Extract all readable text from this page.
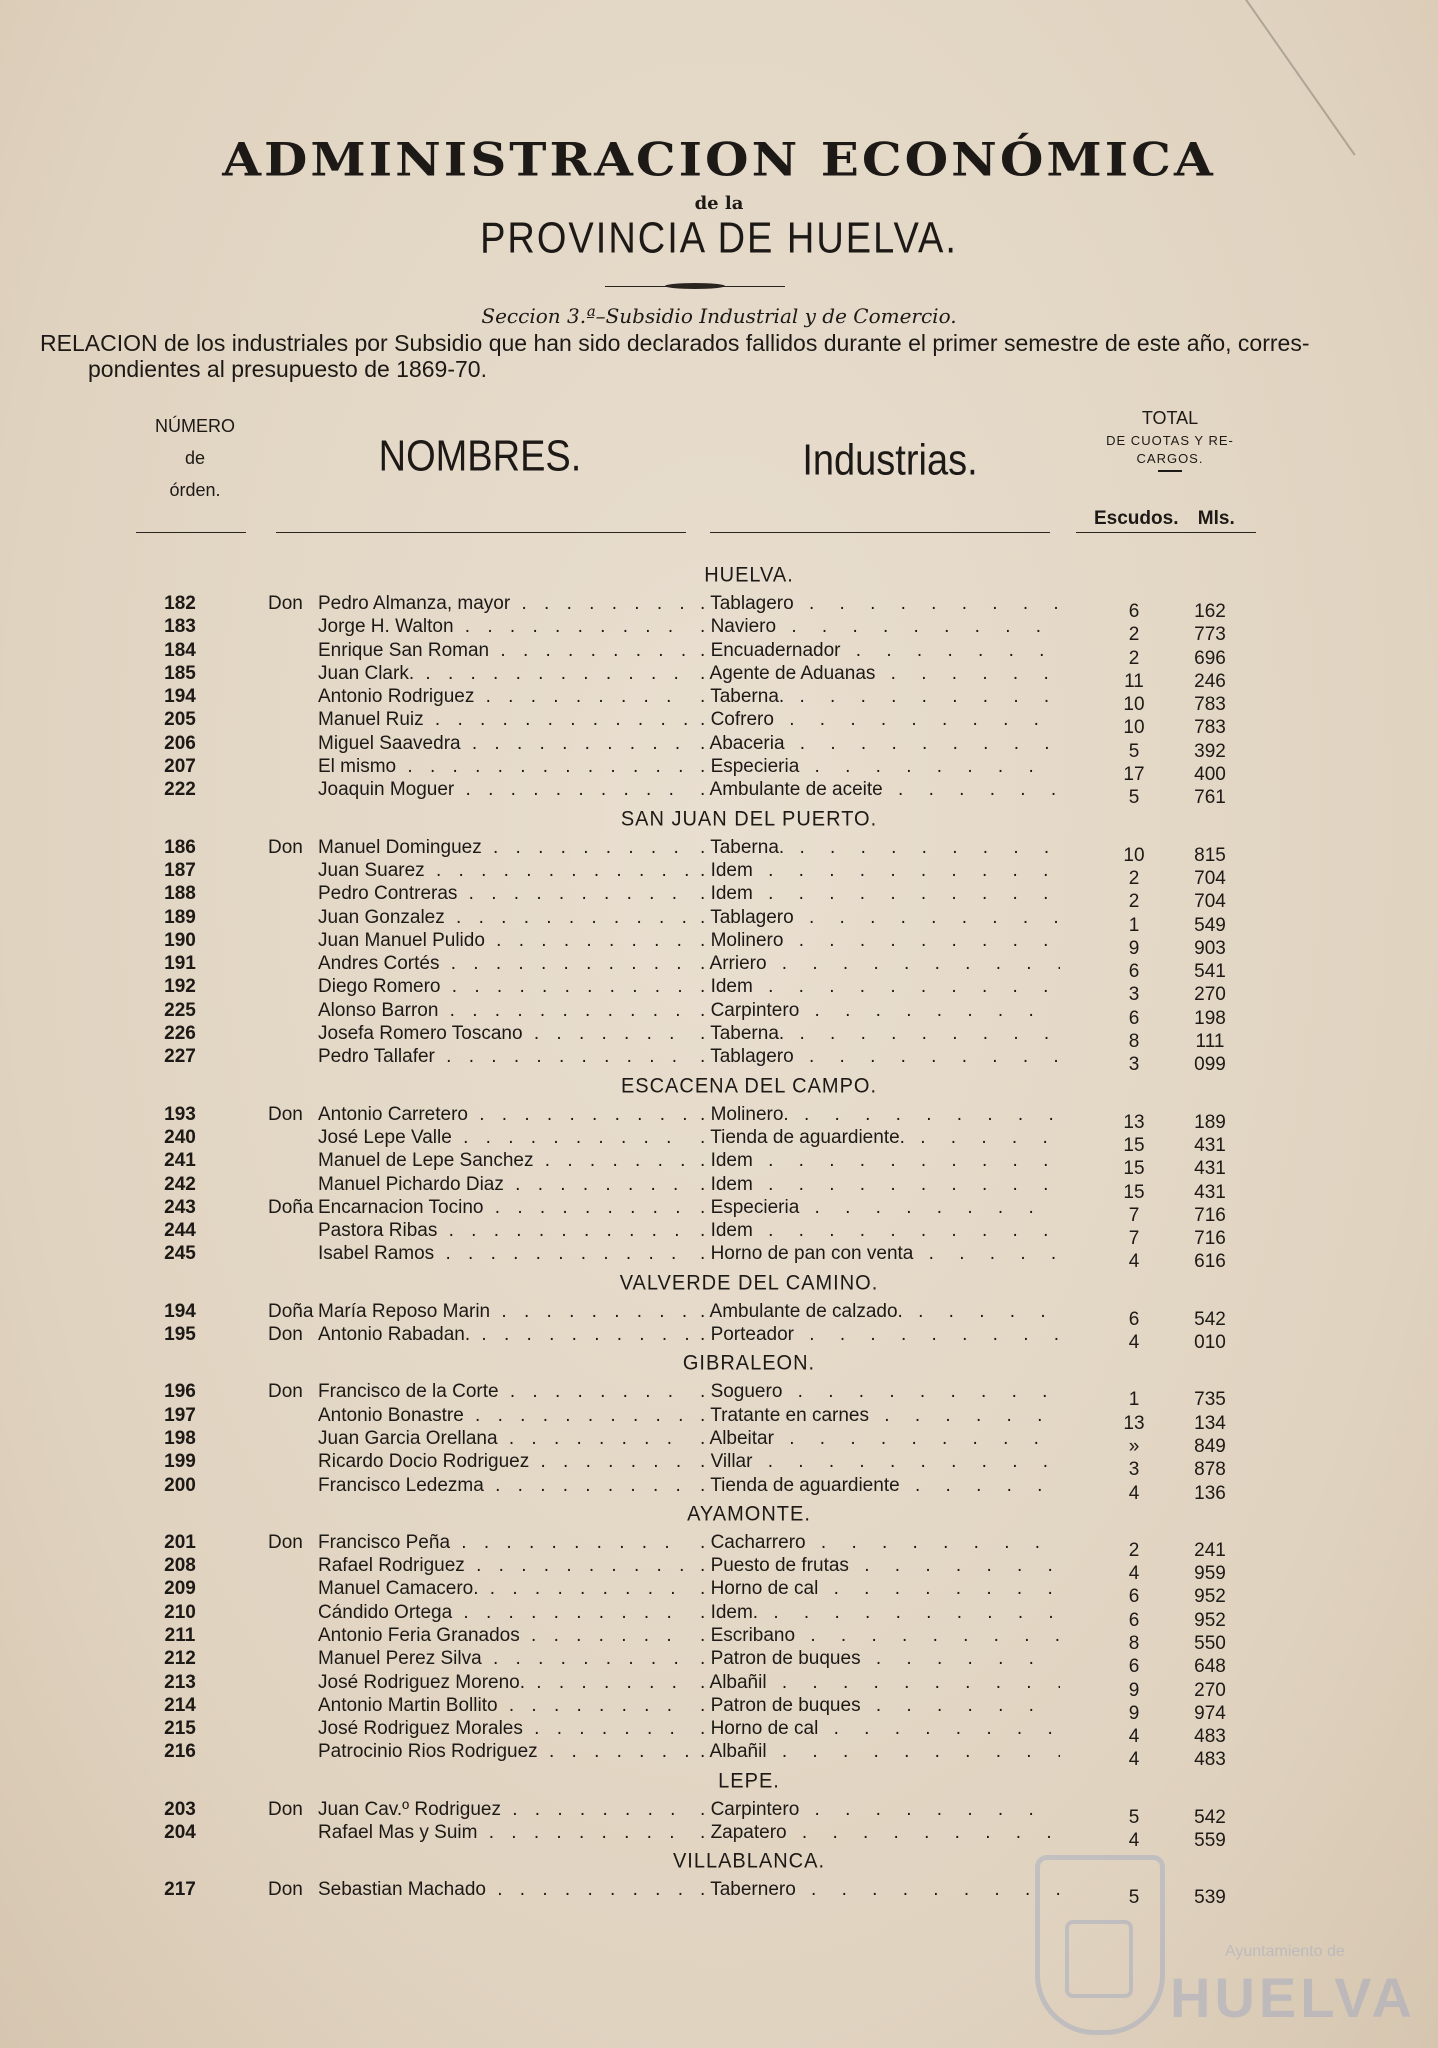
ADMINISTRACION ECONÓMICA
de la
PROVINCIA DE HUELVA.
Seccion 3.ª–Subsidio Industrial y de Comercio.
RELACION de los industriales por Subsidio que han sido declarados fallidos durante el primer semestre de este año, corres-
pondientes al presupuesto de 1869-70.
NÚMERO
de
órden.
NOMBRES.	Industrias.
TOTAL
DE CUOTAS Y RE-
CARGOS.
Escudos. Mls.
HUELVA.
182	Don Pedro Almanza, mayor . . .	. Tablagero . . .	6	162
183	Jorge H. Walton . . .	. Naviero . . .	2	773
184	Enrique San Roman . . .	. Encuadernador . . .	2	696
185	Juan Clark. . . .	. Agente de Aduanas . . .	11	246
194	Antonio Rodriguez . . .	. Taberna. . . .	10	783
205	Manuel Ruiz . . .	. Cofrero . . .	10	783
206	Miguel Saavedra . . .	. Abaceria . . .	5	392
207	El mismo . . .	. Especieria . . .	17	400
222	Joaquin Moguer . . .	. Ambulante de aceite . . .	5	761
SAN JUAN DEL PUERTO.
186	Don Manuel Dominguez . . .	. Taberna. . . .	10	815
187	Juan Suarez . . .	. Idem . . .	2	704
188	Pedro Contreras . . .	. Idem . . .	2	704
189	Juan Gonzalez . . .	. Tablagero . . .	1	549
190	Juan Manuel Pulido . . .	. Molinero . . .	9	903
191	Andres Cortés . . .	. Arriero . . .	6	541
192	Diego Romero . . .	. Idem . . .	3	270
225	Alonso Barron . . .	. Carpintero . . .	6	198
226	Josefa Romero Toscano . . .	. Taberna. . . .	8	111
227	Pedro Tallafer . . .	. Tablagero . . .	3	099
ESCACENA DEL CAMPO.
193	Don Antonio Carretero . . .	. Molinero. . . .	13	189
240	José Lepe Valle . . .	. Tienda de aguardiente. . . .	15	431
241	Manuel de Lepe Sanchez . . .	. Idem . . .	15	431
242	Manuel Pichardo Diaz . . .	. Idem . . .	15	431
243	Doña Encarnacion Tocino . . .	. Especieria . . .	7	716
244	Pastora Ribas . . .	. Idem . . .	7	716
245	Isabel Ramos . . .	. Horno de pan con venta . . .	4	616
VALVERDE DEL CAMINO.
194	Doña María Reposo Marin . . .	. Ambulante de calzado. . . .	6	542
195	Don Antonio Rabadan. . . .	. Porteador . . .	4	010
GIBRALEON.
196	Don Francisco de la Corte . . .	. Soguero . . .	1	735
197	Antonio Bonastre . . .	. Tratante en carnes . . .	13	134
198	Juan Garcia Orellana . . .	. Albeitar . . .	»	849
199	Ricardo Docio Rodriguez . . .	. Villar . . .	3	878
200	Francisco Ledezma . . .	. Tienda de aguardiente . . .	4	136
AYAMONTE.
201	Don Francisco Peña . . .	. Cacharrero . . .	2	241
208	Rafael Rodriguez . . .	. Puesto de frutas . . .	4	959
209	Manuel Camacero. . . .	. Horno de cal . . .	6	952
210	Cándido Ortega . . .	. Idem. . . .	6	952
211	Antonio Feria Granados . . .	. Escribano . . .	8	550
212	Manuel Perez Silva . . .	. Patron de buques . . .	6	648
213	José Rodriguez Moreno. . . .	. Albañil . . .	9	270
214	Antonio Martin Bollito . . .	. Patron de buques . . .	9	974
215	José Rodriguez Morales . . .	. Horno de cal . . .	4	483
216	Patrocinio Rios Rodriguez . . .	. Albañil . . .	4	483
LEPE.
203	Don Juan Cav.º Rodriguez . . .	. Carpintero . . .	5	542
204	Rafael Mas y Suim . . .	. Zapatero . . .	4	559
VILLABLANCA.
217	Don Sebastian Machado . . .	. Tabernero . . .	5	539
Ayuntamiento de
HUELVA
